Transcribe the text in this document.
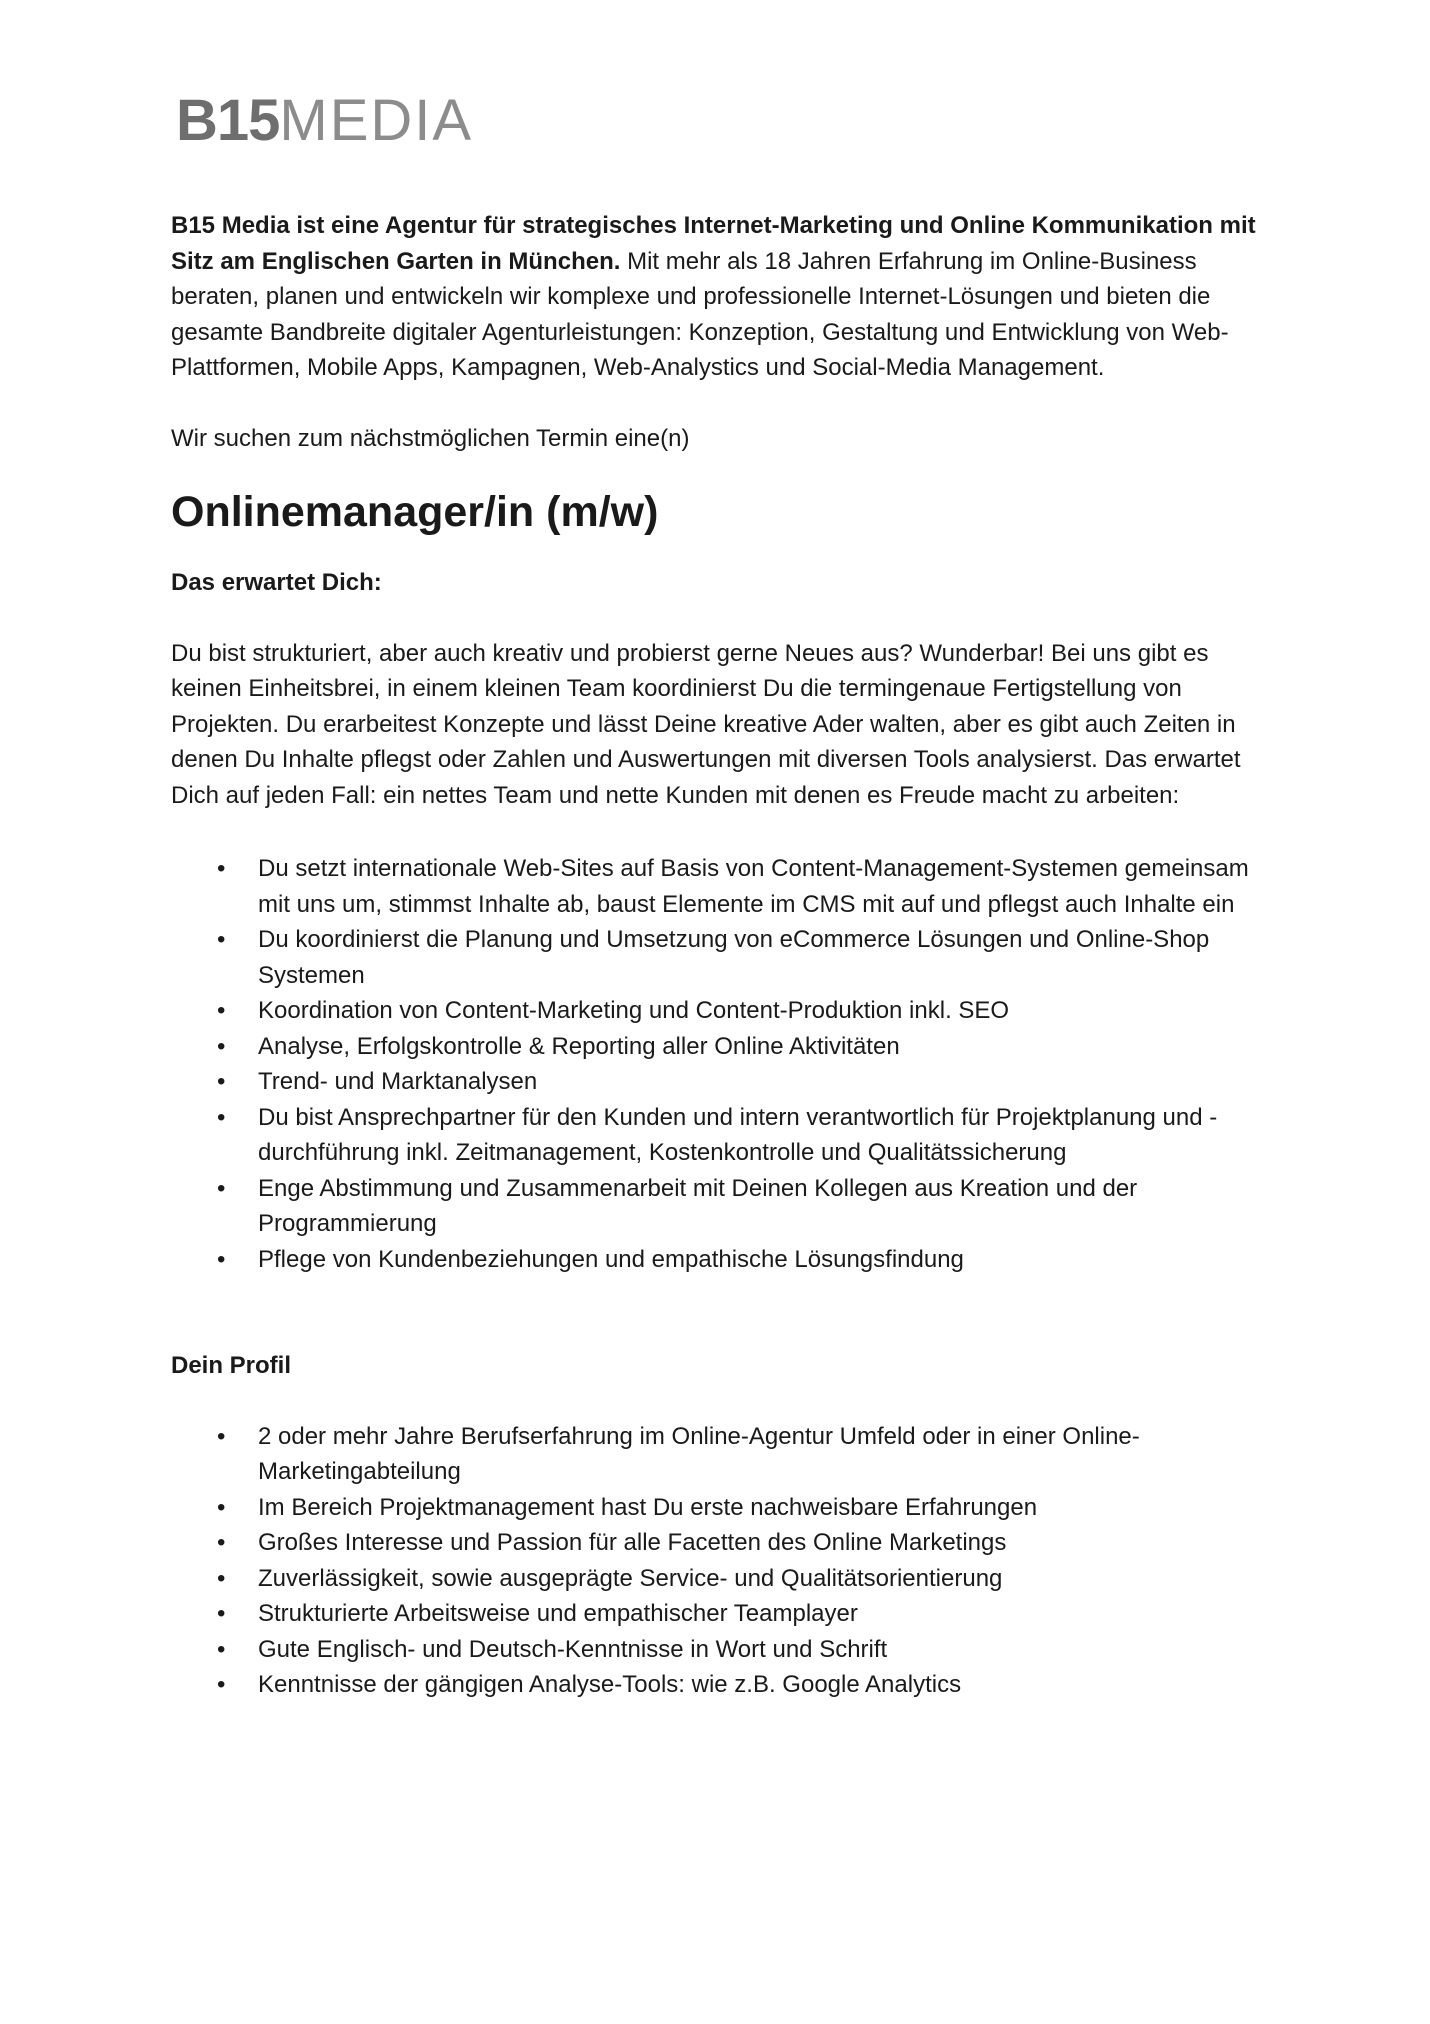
B15MEDIA

B15 Media ist eine Agentur für strategisches Internet-Marketing und Online Kommunikation mit Sitz am Englischen Garten in München. Mit mehr als 18 Jahren Erfahrung im Online-Business beraten, planen und entwickeln wir komplexe und professionelle Internet-Lösungen und bieten die gesamte Bandbreite digitaler Agenturleistungen: Konzeption, Gestaltung und Entwicklung von Web-Plattformen, Mobile Apps, Kampagnen, Web-Analystics und Social-Media Management.

Wir suchen zum nächstmöglichen Termin eine(n)

Onlinemanager/in (m/w)

Das erwartet Dich:

Du bist strukturiert, aber auch kreativ und probierst gerne Neues aus? Wunderbar! Bei uns gibt es keinen Einheitsbrei, in einem kleinen Team koordinierst Du die termingenaue Fertigstellung von Projekten. Du erarbeitest Konzepte und lässt Deine kreative Ader walten, aber es gibt auch Zeiten in denen Du Inhalte pflegst oder Zahlen und Auswertungen mit diversen Tools analysierst. Das erwartet Dich auf jeden Fall: ein nettes Team und nette Kunden mit denen es Freude macht zu arbeiten:

• Du setzt internationale Web-Sites auf Basis von Content-Management-Systemen gemeinsam mit uns um, stimmst Inhalte ab, baust Elemente im CMS mit auf und pflegst auch Inhalte ein
• Du koordinierst die Planung und Umsetzung von eCommerce Lösungen und Online-Shop Systemen
• Koordination von Content-Marketing und Content-Produktion inkl. SEO
• Analyse, Erfolgskontrolle & Reporting aller Online Aktivitäten
• Trend- und Marktanalysen
• Du bist Ansprechpartner für den Kunden und intern verantwortlich für Projektplanung und -durchführung inkl. Zeitmanagement, Kostenkontrolle und Qualitätssicherung
• Enge Abstimmung und Zusammenarbeit mit Deinen Kollegen aus Kreation und der Programmierung
• Pflege von Kundenbeziehungen und empathische Lösungsfindung

Dein Profil

• 2 oder mehr Jahre Berufserfahrung im Online-Agentur Umfeld oder in einer Online-Marketingabteilung
• Im Bereich Projektmanagement hast Du erste nachweisbare Erfahrungen
• Großes Interesse und Passion für alle Facetten des Online Marketings
• Zuverlässigkeit, sowie ausgeprägte Service- und Qualitätsorientierung
• Strukturierte Arbeitsweise und empathischer Teamplayer
• Gute Englisch- und Deutsch-Kenntnisse in Wort und Schrift
• Kenntnisse der gängigen Analyse-Tools: wie z.B. Google Analytics
